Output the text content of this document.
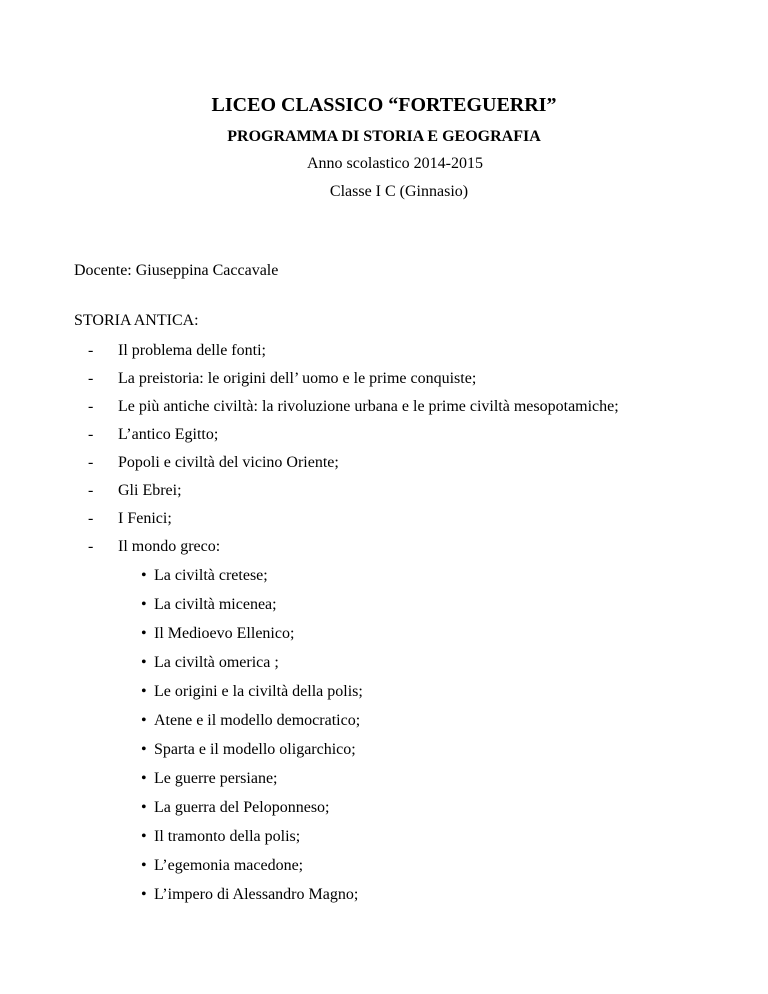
LICEO CLASSICO “FORTEGUERRI”
PROGRAMMA DI STORIA E GEOGRAFIA
Anno scolastico 2014-2015
Classe I C (Ginnasio)
Docente: Giuseppina Caccavale
STORIA ANTICA:
- Il problema delle fonti;
- La preistoria: le origini dell’ uomo e le prime conquiste;
- Le più antiche civiltà: la rivoluzione urbana e le prime civiltà mesopotamiche;
- L’antico Egitto;
- Popoli e civiltà del vicino Oriente;
- Gli Ebrei;
- I Fenici;
- Il mondo greco:
• La civiltà cretese;
• La civiltà micenea;
• Il Medioevo Ellenico;
• La civiltà omerica ;
• Le origini e la civiltà della polis;
• Atene e il modello democratico;
• Sparta e il modello oligarchico;
• Le guerre persiane;
• La guerra del Peloponneso;
• Il tramonto della polis;
• L’egemonia macedone;
• L’impero di Alessandro Magno;
